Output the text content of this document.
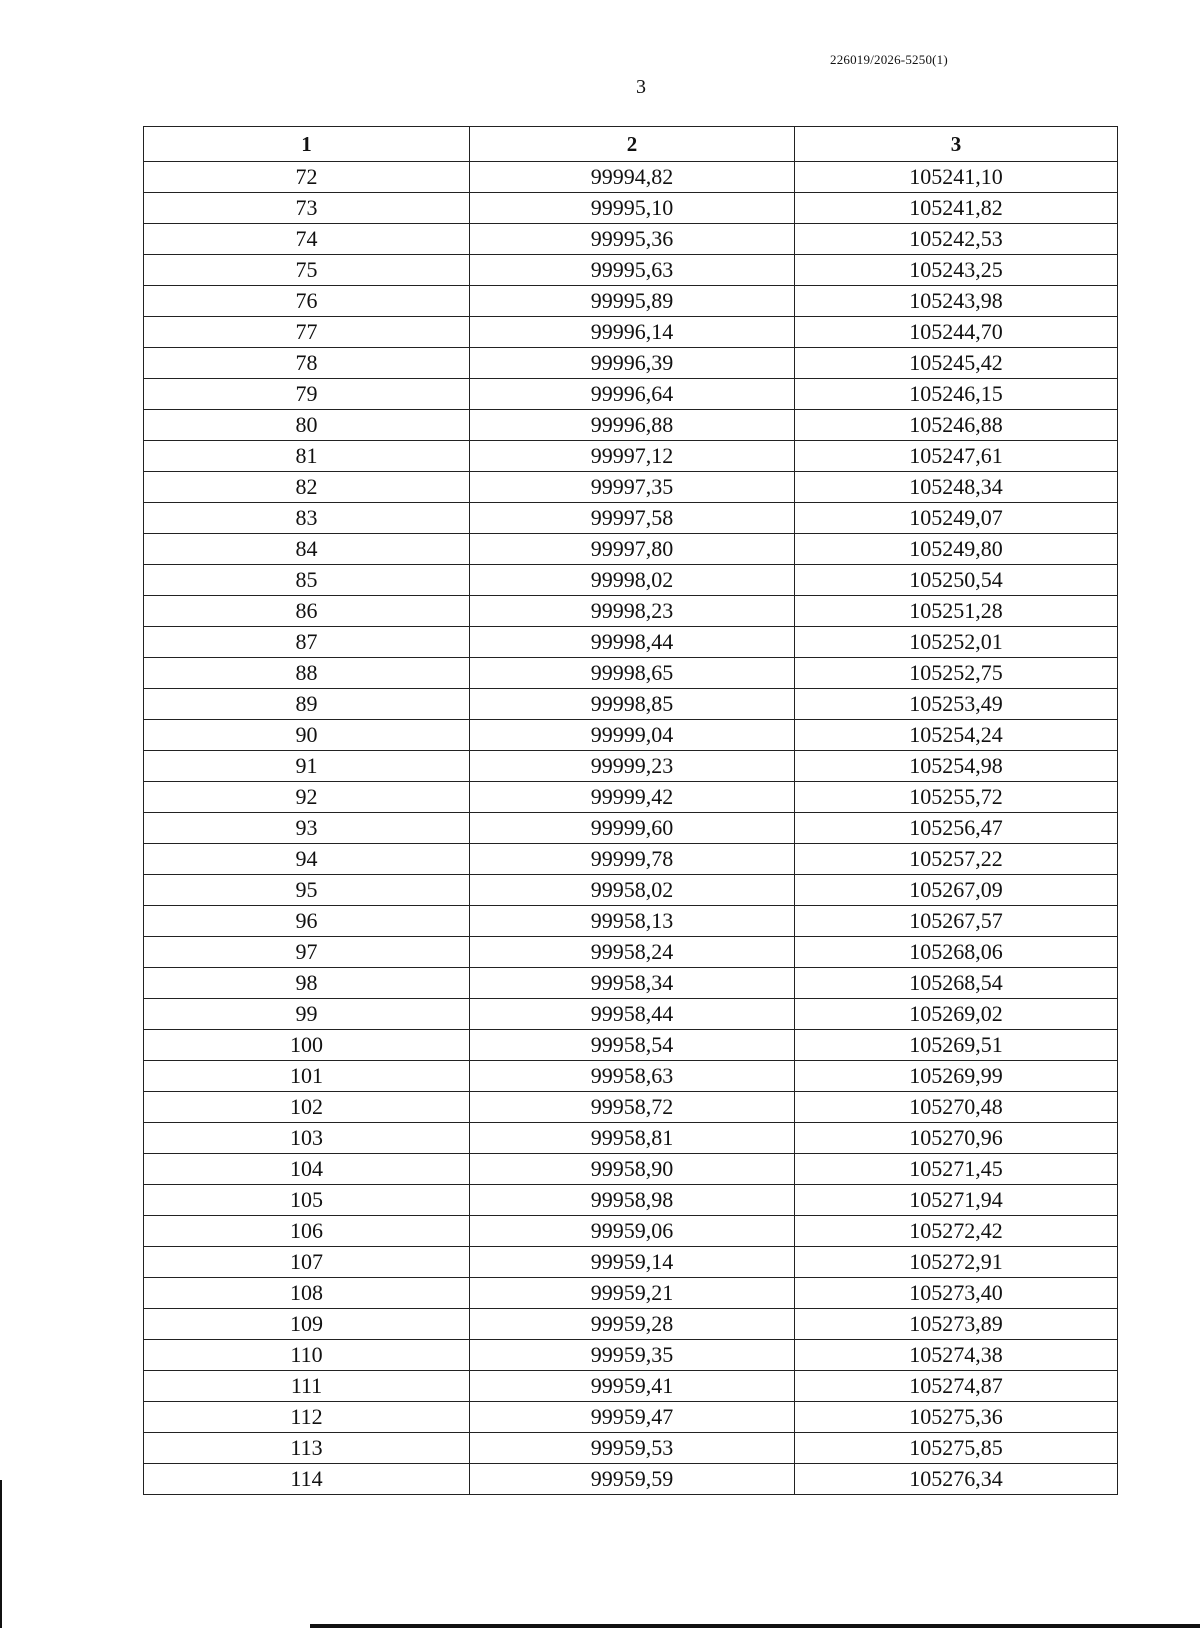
226019/2026-5250(1)
3
1	2	3
72	99994,82	105241,10
73	99995,10	105241,82
74	99995,36	105242,53
75	99995,63	105243,25
76	99995,89	105243,98
77	99996,14	105244,70
78	99996,39	105245,42
79	99996,64	105246,15
80	99996,88	105246,88
81	99997,12	105247,61
82	99997,35	105248,34
83	99997,58	105249,07
84	99997,80	105249,80
85	99998,02	105250,54
86	99998,23	105251,28
87	99998,44	105252,01
88	99998,65	105252,75
89	99998,85	105253,49
90	99999,04	105254,24
91	99999,23	105254,98
92	99999,42	105255,72
93	99999,60	105256,47
94	99999,78	105257,22
95	99958,02	105267,09
96	99958,13	105267,57
97	99958,24	105268,06
98	99958,34	105268,54
99	99958,44	105269,02
100	99958,54	105269,51
101	99958,63	105269,99
102	99958,72	105270,48
103	99958,81	105270,96
104	99958,90	105271,45
105	99958,98	105271,94
106	99959,06	105272,42
107	99959,14	105272,91
108	99959,21	105273,40
109	99959,28	105273,89
110	99959,35	105274,38
111	99959,41	105274,87
112	99959,47	105275,36
113	99959,53	105275,85
114	99959,59	105276,34
